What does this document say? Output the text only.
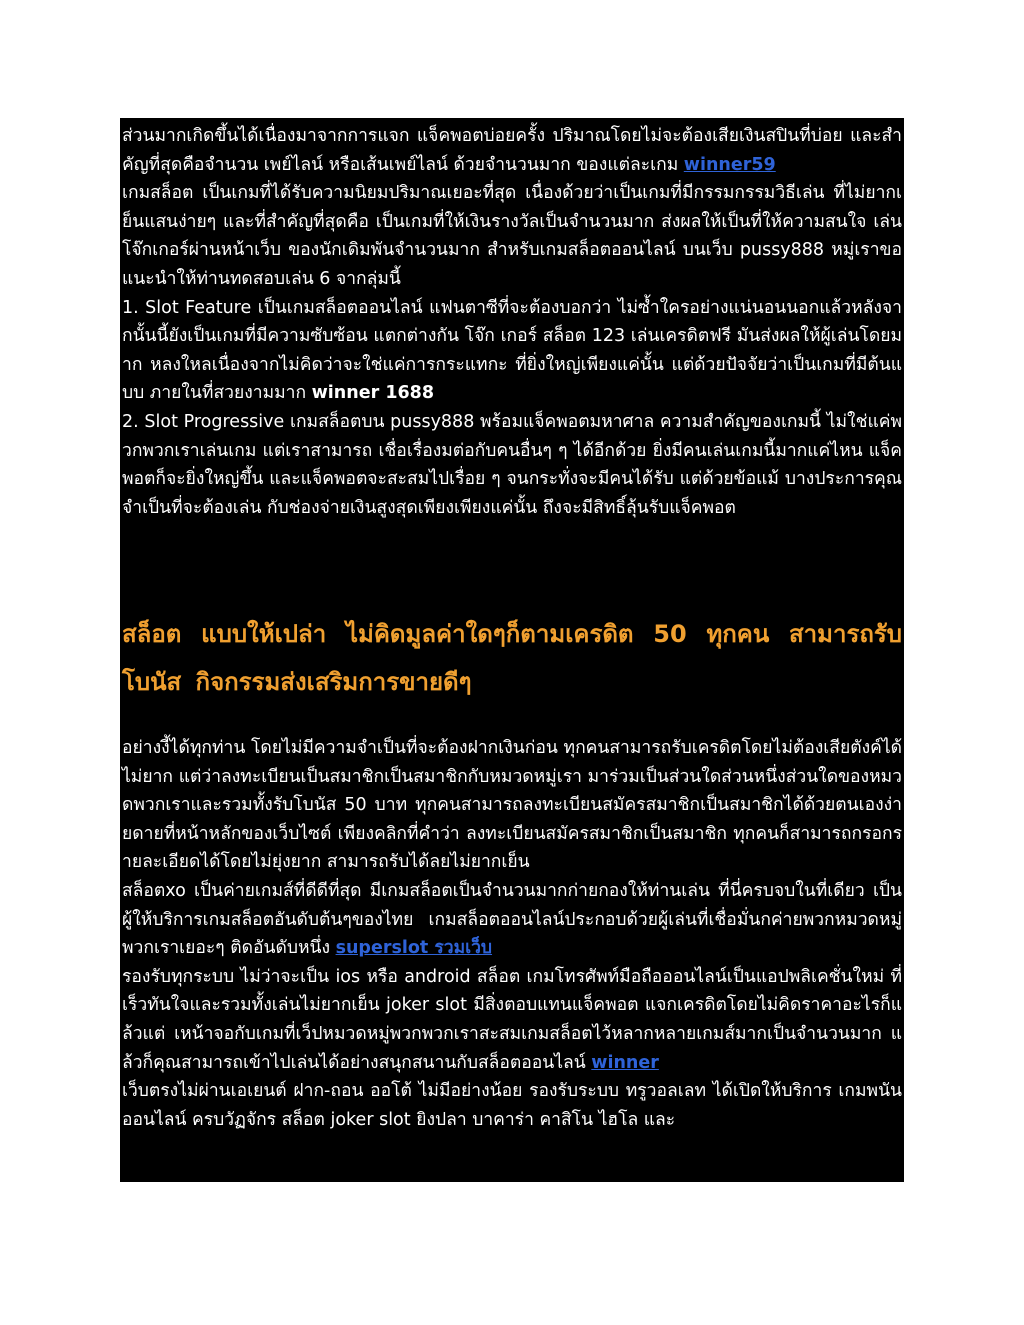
ส่วนมากเกิดขึ้นได้เนื่องมาจากการแจก แจ็คพอตบ่อยครั้ง ปริมาณโดยไม่จะต้องเสียเงินสปินที่บ่อย และสำคัญที่สุดคือจำนวน เพย์ไลน์ หรือเส้นเพย์ไลน์ ด้วยจำนวนมาก ของแต่ละเกม winner59

เกมสล็อต เป็นเกมที่ได้รับความนิยมปริมาณเยอะที่สุด เนื่องด้วยว่าเป็นเกมที่มีกรรมกรรมวิธีเล่น ที่ไม่ยากเย็นแสนง่ายๆ และที่สำคัญที่สุดคือ เป็นเกมที่ให้เงินรางวัลเป็นจำนวนมาก ส่งผลให้เป็นที่ให้ความสนใจ เล่นโจ๊กเกอร์ผ่านหน้าเว็บ ของนักเดิมพันจำนวนมาก สำหรับเกมสล็อตออนไลน์ บนเว็บ pussy888 หมู่เราขอแนะนำให้ท่านทดสอบเล่น 6 จากลุ่มนี้

1. Slot Feature เป็นเกมสล็อตออนไลน์ แฟนตาซีที่จะต้องบอกว่า ไม่ซ้ำใครอย่างแน่นอนนอกแล้วหลังจากนั้นนี้ยังเป็นเกมที่มีความซับซ้อน แตกต่างกัน โจ๊ก เกอร์ สล็อต 123 เล่นเครดิตฟรี มันส่งผลให้ผู้เล่นโดยมาก หลงใหลเนื่องจากไม่คิดว่าจะใช่แค่การกระแทกะ ที่ยิ่งใหญ่เพียงแค่นั้น แต่ด้วยปัจจัยว่าเป็นเกมที่มีต้นแบบ ภายในที่สวยงามมาก winner 1688

2. Slot Progressive เกมสล็อตบน pussy888 พร้อมแจ็คพอตมหาศาล ความสำคัญของเกมนี้ ไม่ใช่แค่พวกพวกเราเล่นเกม แต่เราสามารถ เชื่อเรื่องมต่อกับคนอื่นๆ ๆ ได้อีกด้วย ยิ่งมีคนเล่นเกมนี้มากแค่ไหน แจ็คพอตก็จะยิ่งใหญ่ขึ้น และแจ็คพอตจะสะสมไปเรื่อย ๆ จนกระทั่งจะมีคนได้รับ แต่ด้วยข้อแม้ บางประการคุณจำเป็นที่จะต้องเล่น กับช่องจ่ายเงินสูงสุดเพียงเพียงแค่นั้น ถึงจะมีสิทธิ์ลุ้นรับแจ็คพอต

สล็อต แบบให้เปล่า ไม่คิดมูลค่าใดๆก็ตามเครดิต 50 ทุกคน สามารถรับโบนัส กิจกรรมส่งเสริมการขายดีๆ

อย่างงี้ได้ทุกท่าน โดยไม่มีความจำเป็นที่จะต้องฝากเงินก่อน ทุกคนสามารถรับเครดิตโดยไม่ต้องเสียตังค์ได้ไม่ยาก แต่ว่าลงทะเบียนเป็นสมาชิกเป็นสมาชิกกับหมวดหมู่เรา มาร่วมเป็นส่วนใดส่วนหนึ่งส่วนใดของหมวดพวกเราและรวมทั้งรับโบนัส 50 บาท ทุกคนสามารถลงทะเบียนสมัครสมาชิกเป็นสมาชิกได้ด้วยตนเองง่ายดายที่หน้าหลักของเว็บไซต์ เพียงคลิกที่คำว่า ลงทะเบียนสมัครสมาชิกเป็นสมาชิก ทุกคนก็สามารถกรอกรายละเอียดได้โดยไม่ยุ่งยาก สามารถรับได้ลยไม่ยากเย็น

สล็อตxo เป็นค่ายเกมส์ที่ดีดีที่สุด มีเกมสล็อตเป็นจำนวนมากก่ายกองให้ท่านเล่น ที่นี่ครบจบในที่เดียว เป็น ผู้ให้บริการเกมสล็อตอันดับต้นๆของไทย เกมสล็อตออนไลน์ประกอบด้วยผู้เล่นที่เชื่อมั่นกค่ายพวกหมวดหมู่พวกเราเยอะๆ ติดอันดับหนึ่ง superslot รวมเว็บ

รองรับทุกระบบ ไม่ว่าจะเป็น ios หรือ android สล็อต เกมโทรศัพท์มือถือออนไลน์เป็นแอปพลิเคชั่นใหม่ ที่เร็วทันใจและรวมทั้งเล่นไม่ยากเย็น joker slot มีสิ่งตอบแทนแจ็คพอต แจกเครดิตโดยไม่คิดราคาอะไรก็แล้วแต่ เหน้าจอกับเกมที่เว็ปหมวดหมู่พวกพวกเราสะสมเกมสล็อตไว้หลากหลายเกมส์มากเป็นจำนวนมาก แล้วก็คุณสามารถเข้าไปเล่นได้อย่างสนุกสนานกับสล็อตออนไลน์ winner

เว็บตรงไม่ผ่านเอเยนต์ ฝาก-ถอน ออโต้ ไม่มีอย่างน้อย รองรับระบบ ทรูวอลเลท ได้เปิดให้บริการ เกมพนันออนไลน์ ครบวัฏจักร สล็อต joker slot ยิงปลา บาคาร่า คาสิโน ไฮโล และ
